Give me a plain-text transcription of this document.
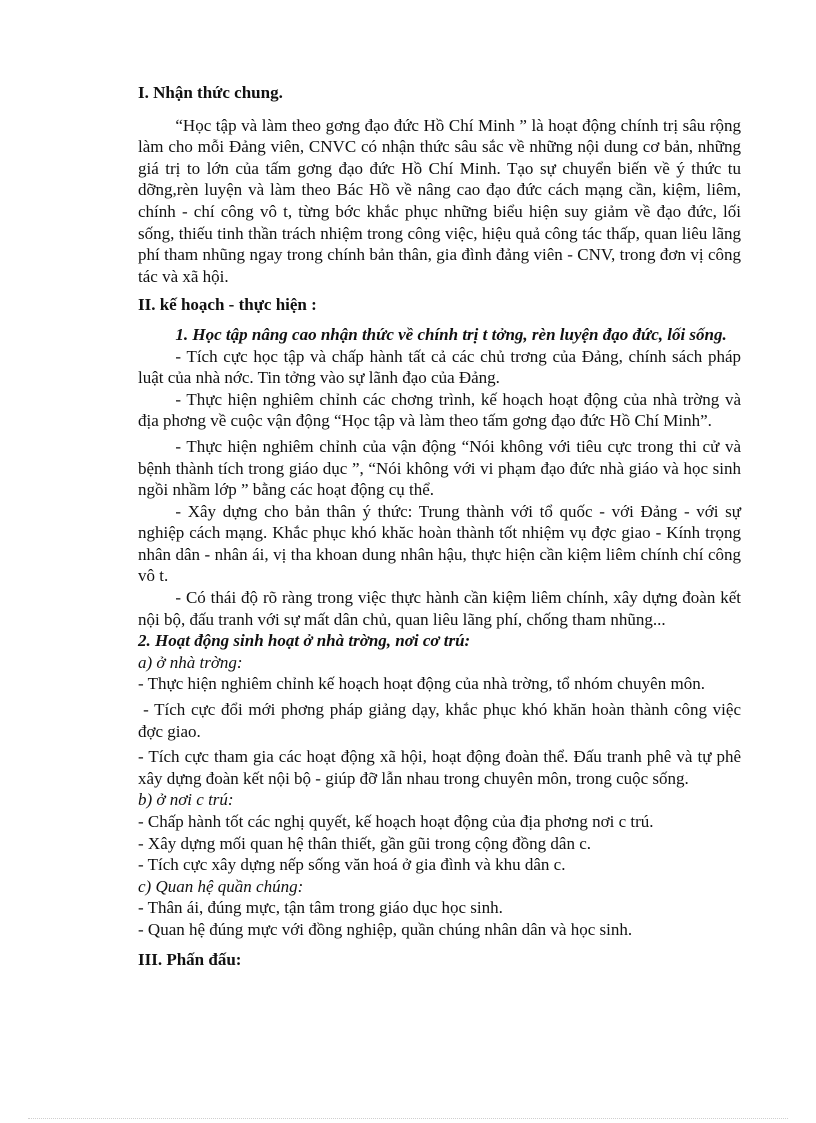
I. Nhận thức chung.

“Học tập và làm theo gơng đạo đức Hồ Chí Minh ” là hoạt động chính trị sâu rộng làm cho mỗi Đảng viên, CNVC có nhận thức sâu sắc về những nội dung cơ bản, những giá trị to lớn của tấm gơng đạo đức Hồ Chí Minh. Tạo sự chuyển biến về ý thức tu dỡng,rèn luyện và làm theo Bác Hồ về nâng cao đạo đức cách mạng cần, kiệm, liêm, chính - chí công vô t, từng bớc khắc phục những biểu hiện suy giảm về đạo đức, lối sống, thiếu tinh thần trách nhiệm trong công việc, hiệu quả công tác thấp, quan liêu lãng phí tham nhũng ngay trong chính bản thân, gia đình đảng viên - CNV, trong đơn vị công tác và xã hội.

II. kế hoạch - thực hiện :

1. Học tập nâng cao nhận thức về chính trị t tởng, rèn luyện đạo đức, lối sống.

- Tích cực học tập và chấp hành tất cả các chủ trơng của Đảng, chính sách pháp luật của nhà nớc. Tin tởng vào sự lãnh đạo của Đảng.

- Thực hiện nghiêm chỉnh các chơng trình, kế hoạch hoạt động của nhà trờng và địa phơng về cuộc vận động “Học tập và làm theo tấm gơng đạo đức Hồ Chí Minh”.

- Thực hiện nghiêm chỉnh của vận động “Nói không với tiêu cực trong thi cử và bệnh thành tích trong giáo dục ”, “Nói không với vi phạm đạo đức nhà giáo và học sinh ngồi nhầm lớp ” bằng các hoạt động cụ thể.

- Xây dựng cho bản thân ý thức: Trung thành với tổ quốc - với Đảng - với sự nghiệp cách mạng. Khắc phục khó khăc hoàn thành tốt nhiệm vụ đợc giao - Kính trọng nhân dân - nhân ái, vị tha khoan dung nhân hậu, thực hiện cần kiệm liêm chính chí công vô t.

- Có thái độ rõ ràng trong việc thực hành cần kiệm liêm chính, xây dựng đoàn kết nội bộ, đấu tranh với sự mất dân chủ, quan liêu lãng phí, chống tham nhũng...

2. Hoạt động sinh hoạt ở nhà trờng, nơi cơ trú:

a) ở nhà trờng:

- Thực hiện nghiêm chỉnh kế hoạch hoạt động của nhà trờng, tổ nhóm chuyên môn.

- Tích cực đổi mới phơng pháp giảng dạy, khắc phục khó khăn hoàn thành công việc đợc giao.

- Tích cực tham gia các hoạt động xã hội, hoạt động đoàn thể. Đấu tranh phê và tự phê xây dựng đoàn kết nội bộ - giúp đỡ lẫn nhau trong chuyên môn, trong cuộc sống.

b) ở nơi c trú:

- Chấp hành tốt các nghị quyết, kế hoạch hoạt động của địa phơng nơi c trú.

- Xây dựng mối quan hệ thân thiết, gần gũi trong cộng đồng dân c.

- Tích cực xây dựng nếp sống văn hoá ở gia đình và khu dân c.

c) Quan hệ quần chúng:

- Thân ái, đúng mực, tận tâm trong giáo dục học sinh.

- Quan hệ đúng mực với đồng nghiệp, quần chúng nhân dân và học sinh.

III. Phấn đấu:
